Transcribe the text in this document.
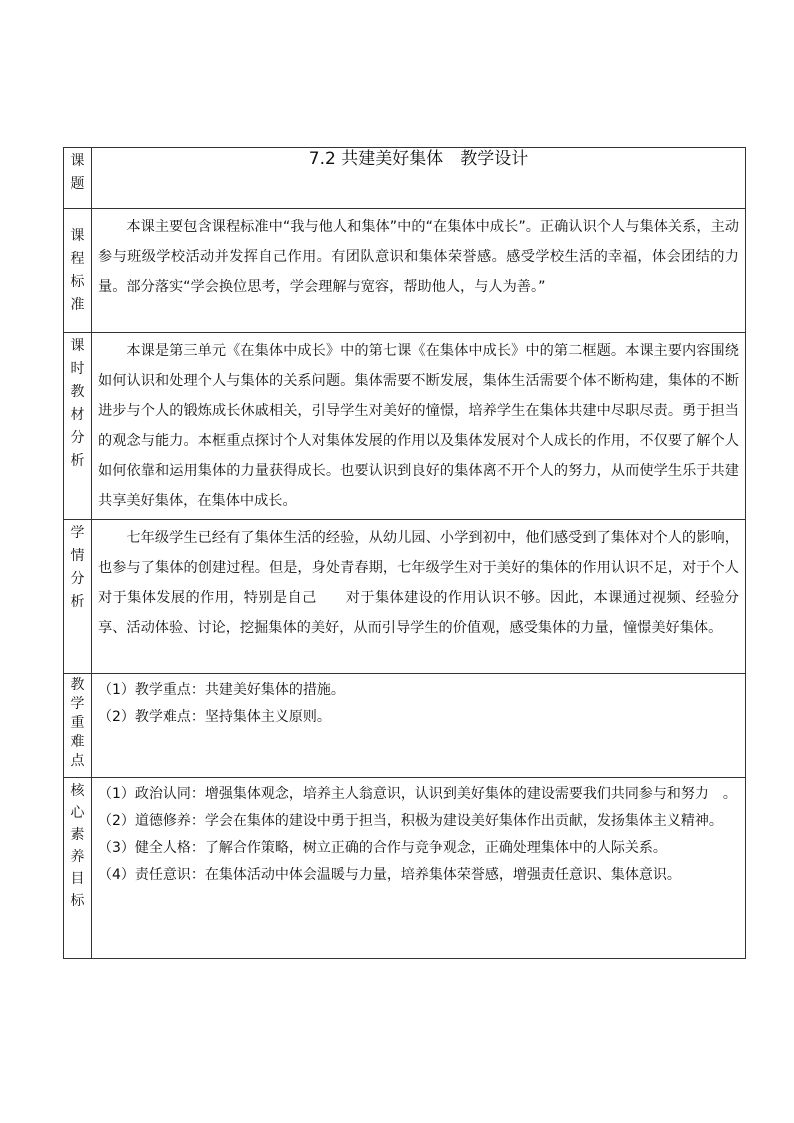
课题	7.2 共建美好集体　教学设计

课程标准	本课主要包含课程标准中“我与他人和集体”中的“在集体中成长”。正确认识个人与集体关系，主动参与班级学校活动并发挥自己作用。有团队意识和集体荣誉感。感受学校生活的幸福，体会团结的力量。部分落实“学会换位思考，学会理解与宽容，帮助他人，与人为善。”

课时教材分析	本课是第三单元《在集体中成长》中的第七课《在集体中成长》中的第二框题。本课主要内容围绕如何认识和处理个人与集体的关系问题。集体需要不断发展，集体生活需要个体不断构建，集体的不断进步与个人的锻炼成长休戚相关，引导学生对美好的憧憬，培养学生在集体共建中尽职尽责。勇于担当的观念与能力。本框重点探讨个人对集体发展的作用以及集体发展对个人成长的作用，不仅要了解个人如何依靠和运用集体的力量获得成长。也要认识到良好的集体离不开个人的努力，从而使学生乐于共建共享美好集体，在集体中成长。

学情分析	七年级学生已经有了集体生活的经验，从幼儿园、小学到初中，他们感受到了集体对个人的影响，也参与了集体的创建过程。但是，身处青春期，七年级学生对于美好的集体的作用认识不足，对于个人对于集体发展的作用，特别是自己　　对于集体建设的作用认识不够。因此，本课通过视频、经验分享、活动体验、讨论，挖掘集体的美好，从而引导学生的价值观，感受集体的力量，憧憬美好集体。

教学重难点	（1）教学重点：共建美好集体的措施。

（2）教学难点：坚持集体主义原则。

核心素养目标	（1）政治认同：增强集体观念，培养主人翁意识，认识到美好集体的建设需要我们共同参与和努力　。

（2）道德修养：学会在集体的建设中勇于担当，积极为建设美好集体作出贡献，发扬集体主义精神。

（3）健全人格：了解合作策略，树立正确的合作与竞争观念，正确处理集体中的人际关系。

（4）责任意识：在集体活动中体会温暖与力量，培养集体荣誉感，增强责任意识、集体意识。
